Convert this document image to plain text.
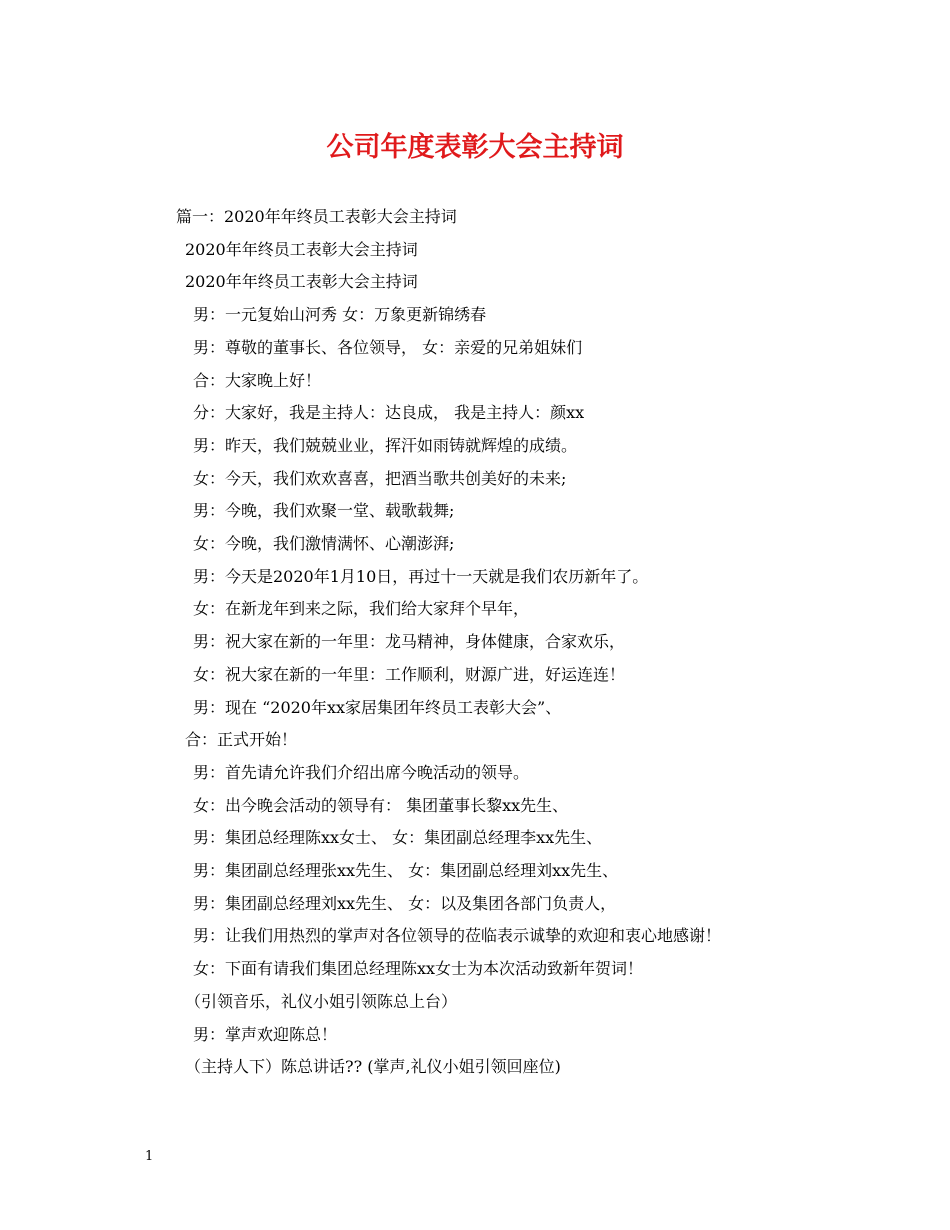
公司年度表彰大会主持词
篇一：2020年年终员工表彰大会主持词
2020年年终员工表彰大会主持词
2020年年终员工表彰大会主持词
男：一元复始山河秀 女：万象更新锦绣春
男：尊敬的董事长、各位领导， 女：亲爱的兄弟姐妹们
合：大家晚上好！
分：大家好，我是主持人：达良成， 我是主持人：颜xx
男：昨天，我们兢兢业业，挥汗如雨铸就辉煌的成绩。
女：今天，我们欢欢喜喜，把酒当歌共创美好的未来;
男：今晚，我们欢聚一堂、载歌载舞;
女：今晚，我们激情满怀、心潮澎湃;
男：今天是2020年1月10日，再过十一天就是我们农历新年了。
女：在新龙年到来之际，我们给大家拜个早年，
男：祝大家在新的一年里：龙马精神，身体健康，合家欢乐，
女：祝大家在新的一年里：工作顺利，财源广进，好运连连！
男：现在 “2020年xx家居集团年终员工表彰大会”、
合：正式开始！
男：首先请允许我们介绍出席今晚活动的领导。
女：出今晚会活动的领导有： 集团董事长黎xx先生、
男：集团总经理陈xx女士、 女：集团副总经理李xx先生、
男：集团副总经理张xx先生、 女：集团副总经理刘xx先生、
男：集团副总经理刘xx先生、 女：以及集团各部门负责人，
男：让我们用热烈的掌声对各位领导的莅临表示诚挚的欢迎和衷心地感谢！
女：下面有请我们集团总经理陈xx女士为本次活动致新年贺词！
（引领音乐，礼仪小姐引领陈总上台）
男：掌声欢迎陈总！
（主持人下）陈总讲话?? (掌声,礼仪小姐引领回座位)
1
